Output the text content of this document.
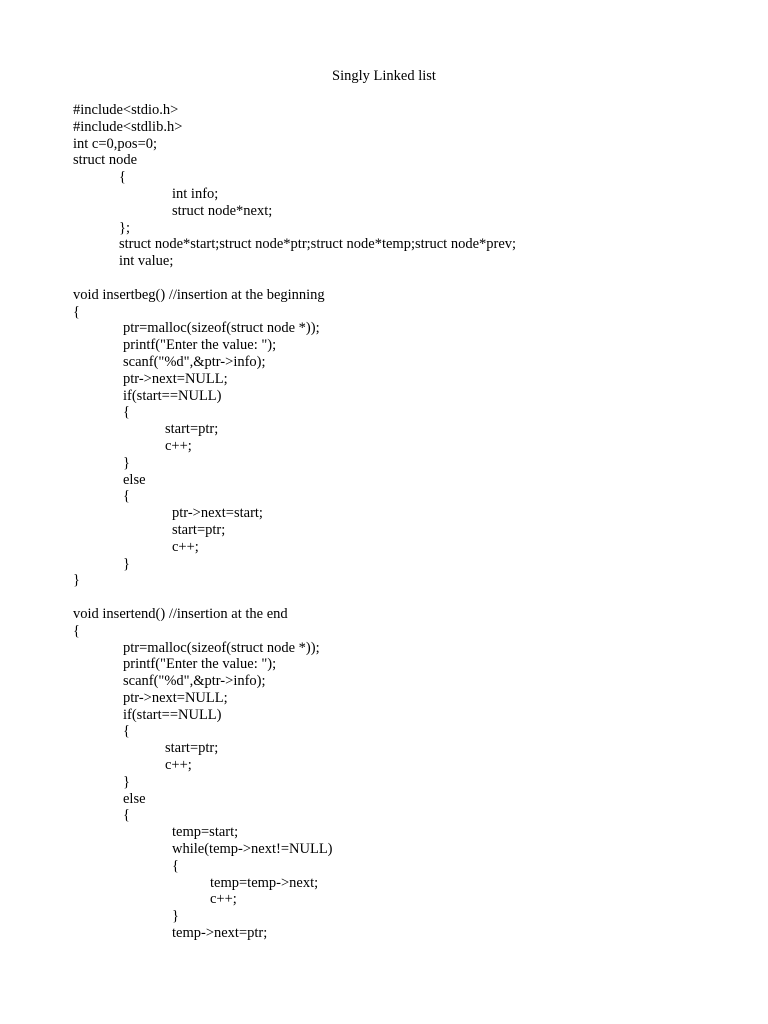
Singly Linked list
#include<stdio.h>
#include<stdlib.h>
int c=0,pos=0;
struct node
{
int info;
struct node*next;
};
struct node*start;struct node*ptr;struct node*temp;struct node*prev;
int value;
void insertbeg() //insertion at the beginning
{
ptr=malloc(sizeof(struct node *));
printf("Enter the value: ");
scanf("%d",&ptr->info);
ptr->next=NULL;
if(start==NULL)
{
start=ptr;
c++;
}
else
{
ptr->next=start;
start=ptr;
c++;
}
}
void insertend() //insertion at the end
{
ptr=malloc(sizeof(struct node *));
printf("Enter the value: ");
scanf("%d",&ptr->info);
ptr->next=NULL;
if(start==NULL)
{
start=ptr;
c++;
}
else
{
temp=start;
while(temp->next!=NULL)
{
temp=temp->next;
c++;
}
temp->next=ptr;
